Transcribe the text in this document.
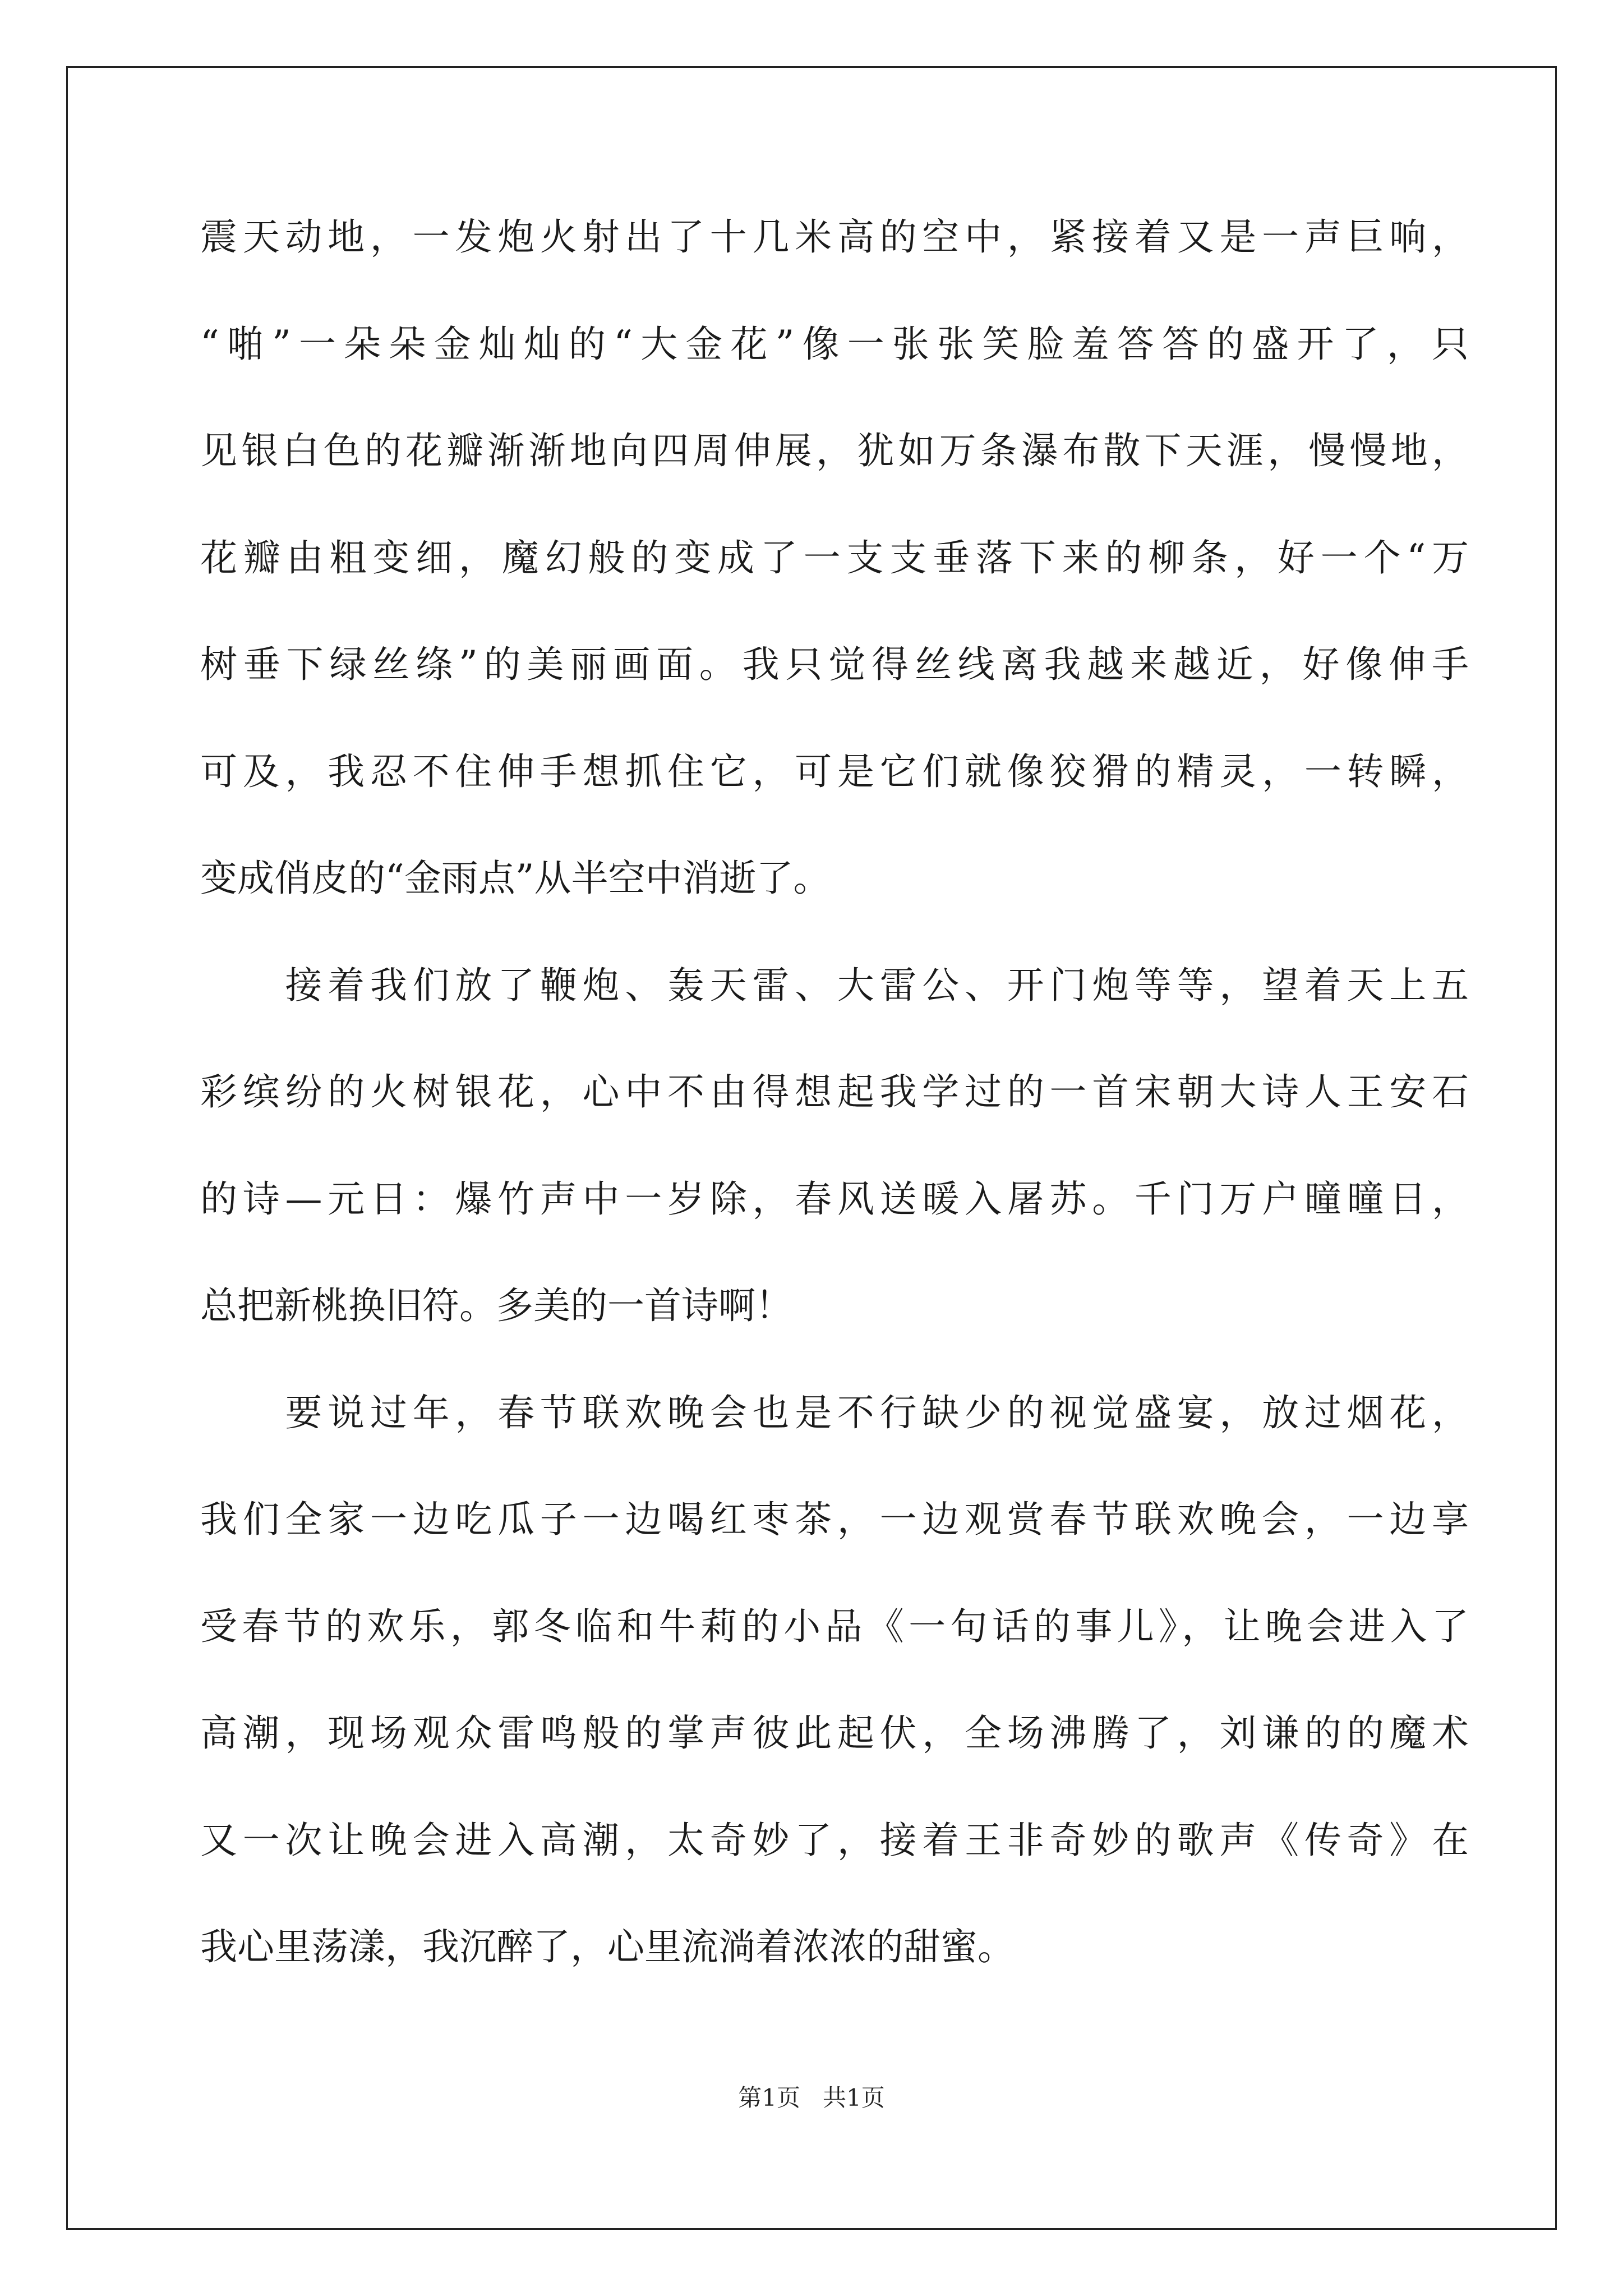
震天动地，一发炮火射出了十几米高的空中，紧接着又是一声巨响，
“啪”一朵朵金灿灿的“大金花”像一张张笑脸羞答答的盛开了，只
见银白色的花瓣渐渐地向四周伸展，犹如万条瀑布散下天涯，慢慢地，
花瓣由粗变细，魔幻般的变成了一支支垂落下来的柳条，好一个“万
树垂下绿丝绦”的美丽画面。我只觉得丝线离我越来越近，好像伸手
可及，我忍不住伸手想抓住它，可是它们就像狡猾的精灵，一转瞬，
变成俏皮的“金雨点”从半空中消逝了。
　　接着我们放了鞭炮、轰天雷、大雷公、开门炮等等，望着天上五
彩缤纷的火树银花，心中不由得想起我学过的一首宋朝大诗人王安石
的诗—元日：爆竹声中一岁除，春风送暖入屠苏。千门万户曈曈日，
总把新桃换旧符。多美的一首诗啊！
　　要说过年，春节联欢晚会也是不行缺少的视觉盛宴，放过烟花，
我们全家一边吃瓜子一边喝红枣茶，一边观赏春节联欢晚会，一边享
受春节的欢乐，郭冬临和牛莉的小品《一句话的事儿》，让晚会进入了
高潮，现场观众雷鸣般的掌声彼此起伏，全场沸腾了，刘谦的的魔术
又一次让晚会进入高潮，太奇妙了，接着王非奇妙的歌声《传奇》在
我心里荡漾，我沉醉了，心里流淌着浓浓的甜蜜。
第1页   共1页
